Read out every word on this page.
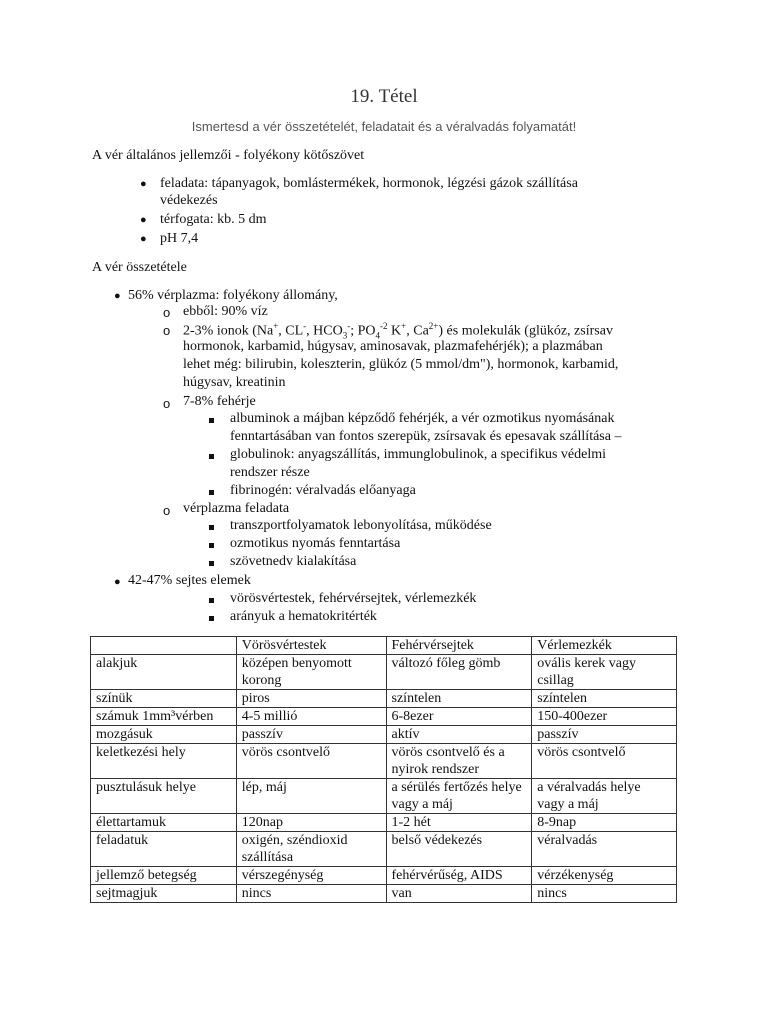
19. Tétel
Ismertesd a vér összetételét, feladatait és a véralvadás folyamatát!
A vér általános jellemzői - folyékony kötőszövet
● feladata: tápanyagok, bomlástermékek, hormonok, légzési gázok szállítása
védekezés
● térfogata: kb. 5 dm
● pH 7,4
A vér összetétele
● 56% vérplazma: folyékony állomány,
o ebből: 90% víz
o 2-3% ionok (Na+, CL-, $HCO_3^-$; $PO_4^{-2}$ K+, $Ca^{2+}$) és molekulák (glükóz, zsírsav
hormonok, karbamid, húgysav, aminosavak, plazmafehérjék); a plazmában
lehet még: bilirubin, koleszterin, glükóz (5 mmol/dm"), hormonok, karbamid,
húgysav, kreatinin
o 7-8% fehérje
albuminok a májban képződő fehérjék, a vér ozmotikus nyomásának
fenntartásában van fontos szerepük, zsírsavak és epesavak szállítása –
globulinok: anyagszállítás, immunglobulinok, a specifikus védelmi
rendszer része
fibrinogén: véralvadás előanyaga
o vérplazma feladata
transzportfolyamatok lebonyolítása, működése
ozmotikus nyomás fenntartása
szövetnedv kialakítása
● 42-47% sejtes elemek
vörösvértestek, fehérvérsejtek, vérlemezkék
arányuk a hematokritérték
	Vörösvértestek	Fehérvérsejtek	Vérlemezkék
alakjuk	középen benyomott korong	változó főleg gömb	ovális kerek vagy csillag
színük	piros	színtelen	színtelen
számuk 1mm³vérben	4-5 millió	6-8ezer	150-400ezer
mozgásuk	passzív	aktív	passzív
keletkezési hely	vörös csontvelő	vörös csontvelő és a nyirok rendszer	vörös csontvelő
pusztulásuk helye	lép, máj	a sérülés fertőzés helye vagy a máj	a véralvadás helye vagy a máj
élettartamuk	120nap	1-2 hét	8-9nap
feladatuk	oxigén, széndioxid szállítása	belső védekezés	véralvadás
jellemző betegség	vérszegénység	fehérvérűség, AIDS	vérzékenység
sejtmagjuk	nincs	van	nincs
